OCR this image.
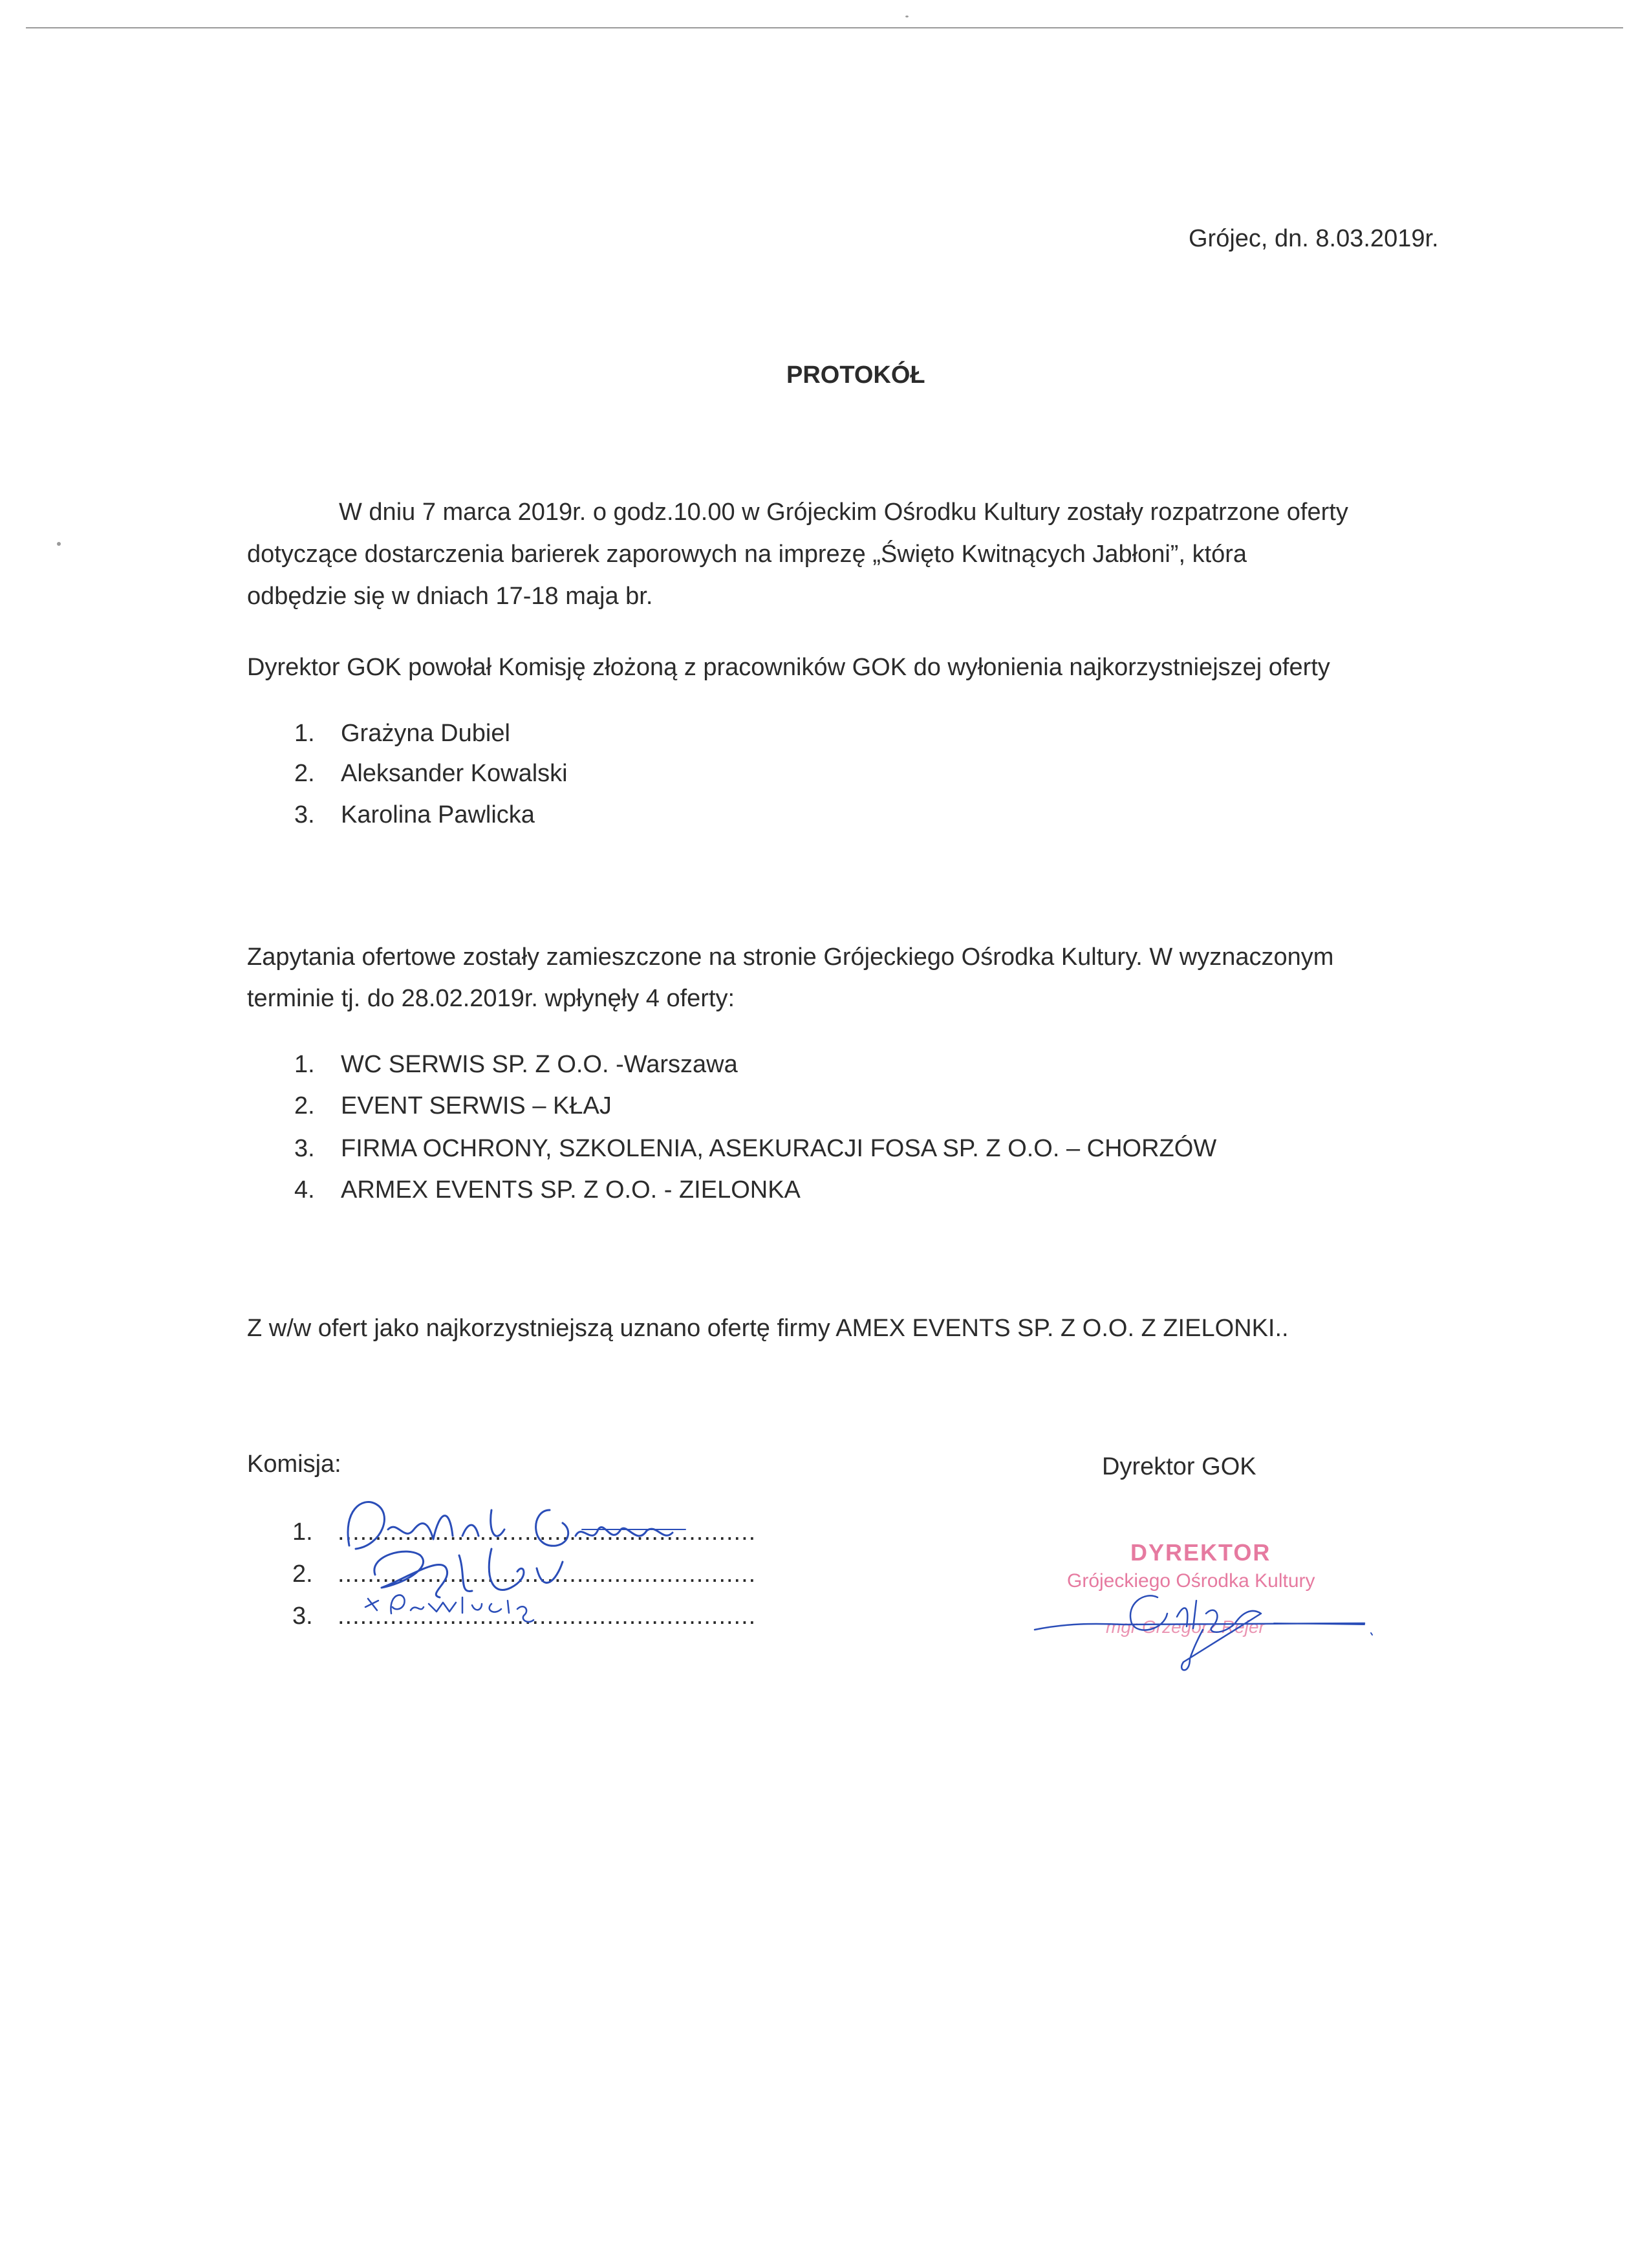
Grójec, dn. 8.03.2019r.
PROTOKÓŁ
W dniu 7 marca 2019r. o godz.10.00 w Grójeckim Ośrodku Kultury zostały rozpatrzone oferty
dotyczące dostarczenia barierek zaporowych na imprezę „Święto Kwitnących Jabłoni”, która
odbędzie się w dniach 17-18 maja br.
Dyrektor GOK powołał Komisję złożoną z pracowników GOK do wyłonienia najkorzystniejszej oferty
1. Grażyna Dubiel
2. Aleksander Kowalski
3. Karolina Pawlicka
Zapytania ofertowe zostały zamieszczone na stronie Grójeckiego Ośrodka Kultury. W wyznaczonym
terminie tj. do 28.02.2019r. wpłynęły 4 oferty:
1. WC SERWIS SP. Z O.O. -Warszawa
2. EVENT SERWIS – KŁAJ
3. FIRMA OCHRONY, SZKOLENIA, ASEKURACJI FOSA SP. Z O.O. – CHORZÓW
4. ARMEX EVENTS SP. Z O.O. - ZIELONKA
Z w/w ofert jako najkorzystniejszą uznano ofertę firmy AMEX EVENTS SP. Z O.O. Z ZIELONKI..
Komisja:	Dyrektor GOK
1. ........................................................
2. ........................................................
3. ........................................................
DYREKTOR
Grójeckiego Ośrodka Kultury
mgr Grzegorz Rejer
